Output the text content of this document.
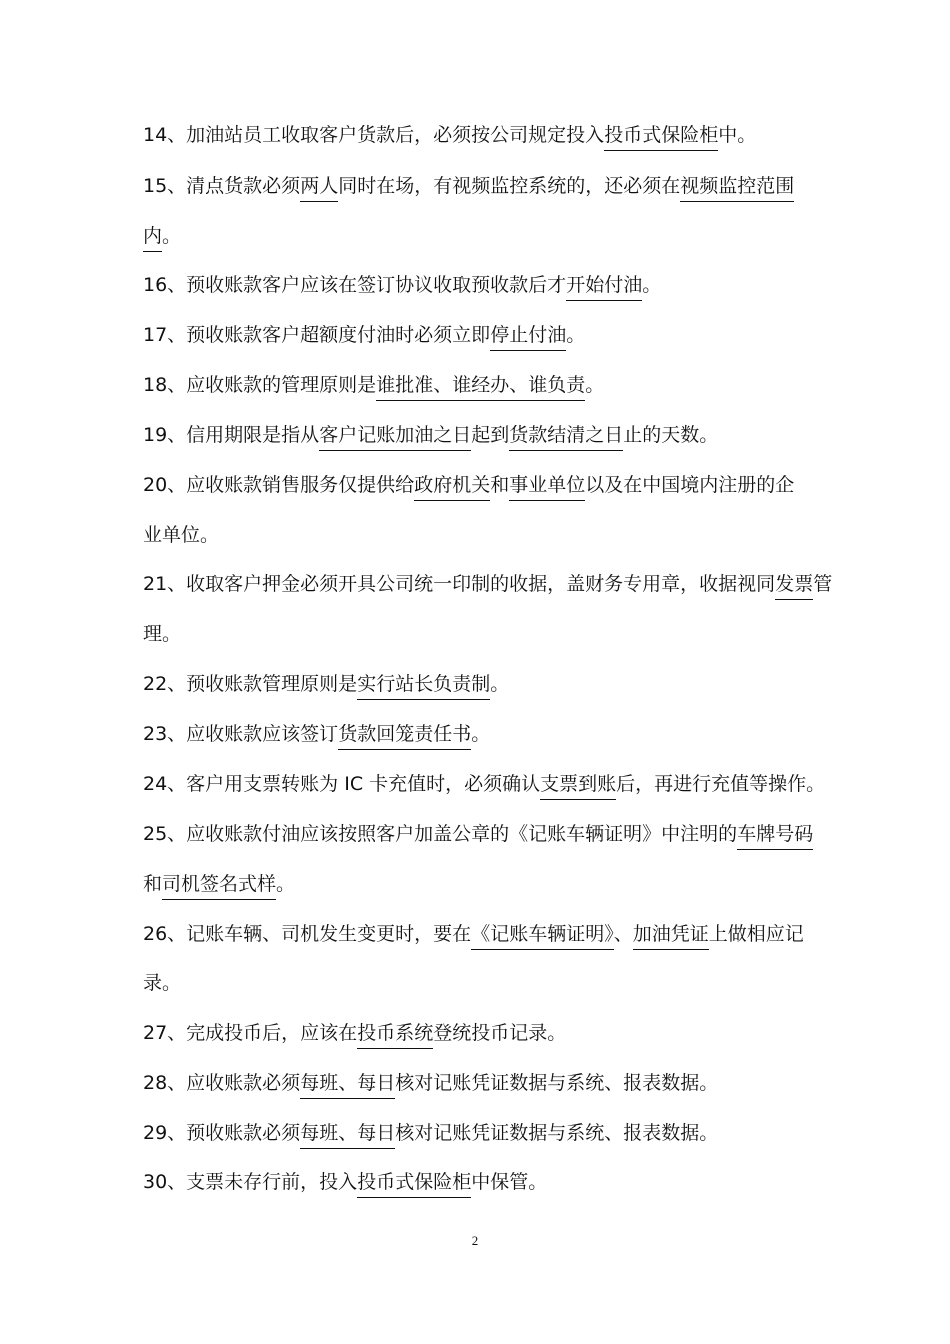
14、加油站员工收取客户货款后，必须按公司规定投入投币式保险柜中。
15、清点货款必须两人同时在场，有视频监控系统的，还必须在视频监控范围
内。
16、预收账款客户应该在签订协议收取预收款后才开始付油。
17、预收账款客户超额度付油时必须立即停止付油。
18、应收账款的管理原则是谁批准、谁经办、谁负责。
19、信用期限是指从客户记账加油之日起到货款结清之日止的天数。
20、应收账款销售服务仅提供给政府机关和事业单位以及在中国境内注册的企
业单位。
21、收取客户押金必须开具公司统一印制的收据，盖财务专用章，收据视同发票管
理。
22、预收账款管理原则是实行站长负责制。
23、应收账款应该签订货款回笼责任书。
24、客户用支票转账为 IC 卡充值时，必须确认支票到账后，再进行充值等操作。
25、应收账款付油应该按照客户加盖公章的《记账车辆证明》中注明的车牌号码
和司机签名式样。
26、记账车辆、司机发生变更时，要在《记账车辆证明》、加油凭证上做相应记
录。
27、完成投币后，应该在投币系统登统投币记录。
28、应收账款必须每班、每日核对记账凭证数据与系统、报表数据。
29、预收账款必须每班、每日核对记账凭证数据与系统、报表数据。
30、支票未存行前，投入投币式保险柜中保管。
2
